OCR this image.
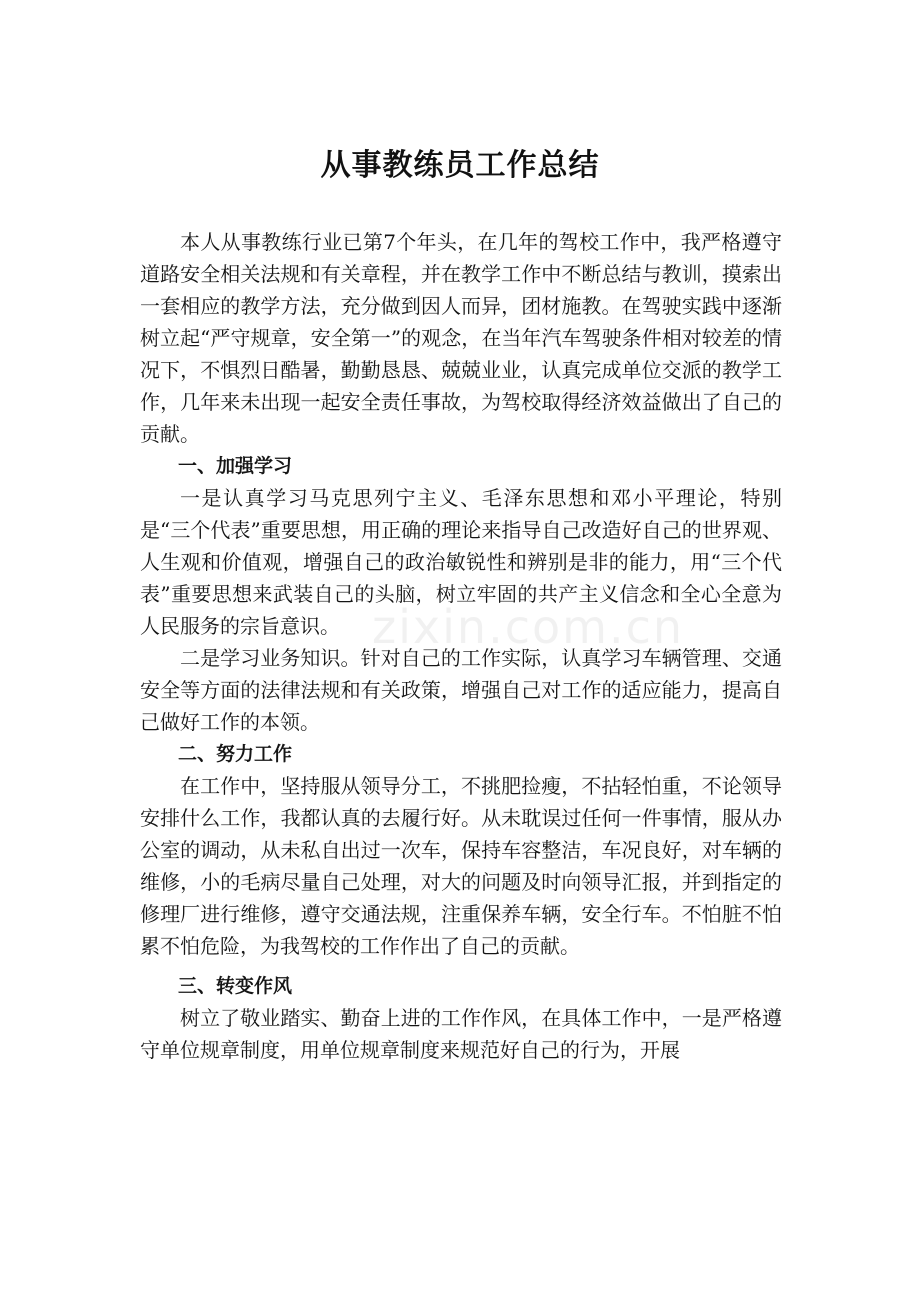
从事教练员工作总结
zixin.com.cn

本人从事教练行业已第7个年头，在几年的驾校工作中，我严格遵守道路安全相关法规和有关章程，并在教学工作中不断总结与教训，摸索出一套相应的教学方法，充分做到因人而异，团材施教。在驾驶实践中逐渐树立起“严守规章，安全第一”的观念，在当年汽车驾驶条件相对较差的情况下，不惧烈日酷暑，勤勤恳恳、兢兢业业，认真完成单位交派的教学工作，几年来未出现一起安全责任事故，为驾校取得经济效益做出了自己的贡献。

一、加强学习

一是认真学习马克思列宁主义、毛泽东思想和邓小平理论，特别是“三个代表”重要思想，用正确的理论来指导自己改造好自己的世界观、人生观和价值观，增强自己的政治敏锐性和辨别是非的能力，用“三个代表”重要思想来武装自己的头脑，树立牢固的共产主义信念和全心全意为人民服务的宗旨意识。

二是学习业务知识。针对自己的工作实际，认真学习车辆管理、交通安全等方面的法律法规和有关政策，增强自己对工作的适应能力，提高自己做好工作的本领。

二、努力工作

在工作中，坚持服从领导分工，不挑肥捡瘦，不拈轻怕重，不论领导安排什么工作，我都认真的去履行好。从未耽误过任何一件事情，服从办公室的调动，从未私自出过一次车，保持车容整洁，车况良好，对车辆的维修，小的毛病尽量自己处理，对大的问题及时向领导汇报，并到指定的修理厂进行维修，遵守交通法规，注重保养车辆，安全行车。不怕脏不怕累不怕危险，为我驾校的工作作出了自己的贡献。

三、转变作风

树立了敬业踏实、勤奋上进的工作作风，在具体工作中，一是严格遵守单位规章制度，用单位规章制度来规范好自己的行为，开展
